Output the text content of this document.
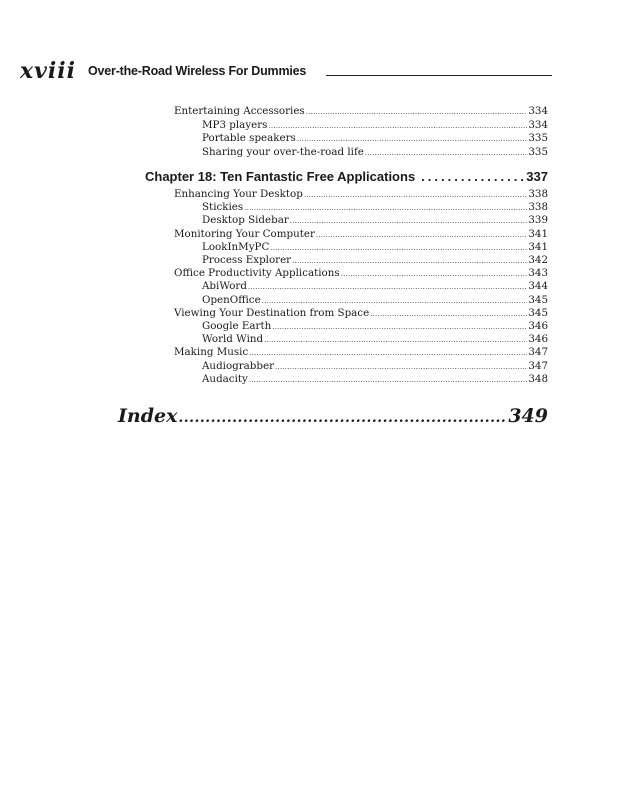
xviii Over-the-Road Wireless For Dummies
Entertaining Accessories .....	334
MP3 players .....	334
Portable speakers .....	335
Sharing your over-the-road life .....	335
Chapter 18: Ten Fantastic Free Applications .....	337
Enhancing Your Desktop .....	338
Stickies .....	338
Desktop Sidebar .....	339
Monitoring Your Computer .....	341
LookInMyPC .....	341
Process Explorer .....	342
Office Productivity Applications .....	343
AbiWord .....	344
OpenOffice .....	345
Viewing Your Destination from Space .....	345
Google Earth .....	346
World Wind .....	346
Making Music .....	347
Audiograbber .....	347
Audacity .....	348
Index .....	349
